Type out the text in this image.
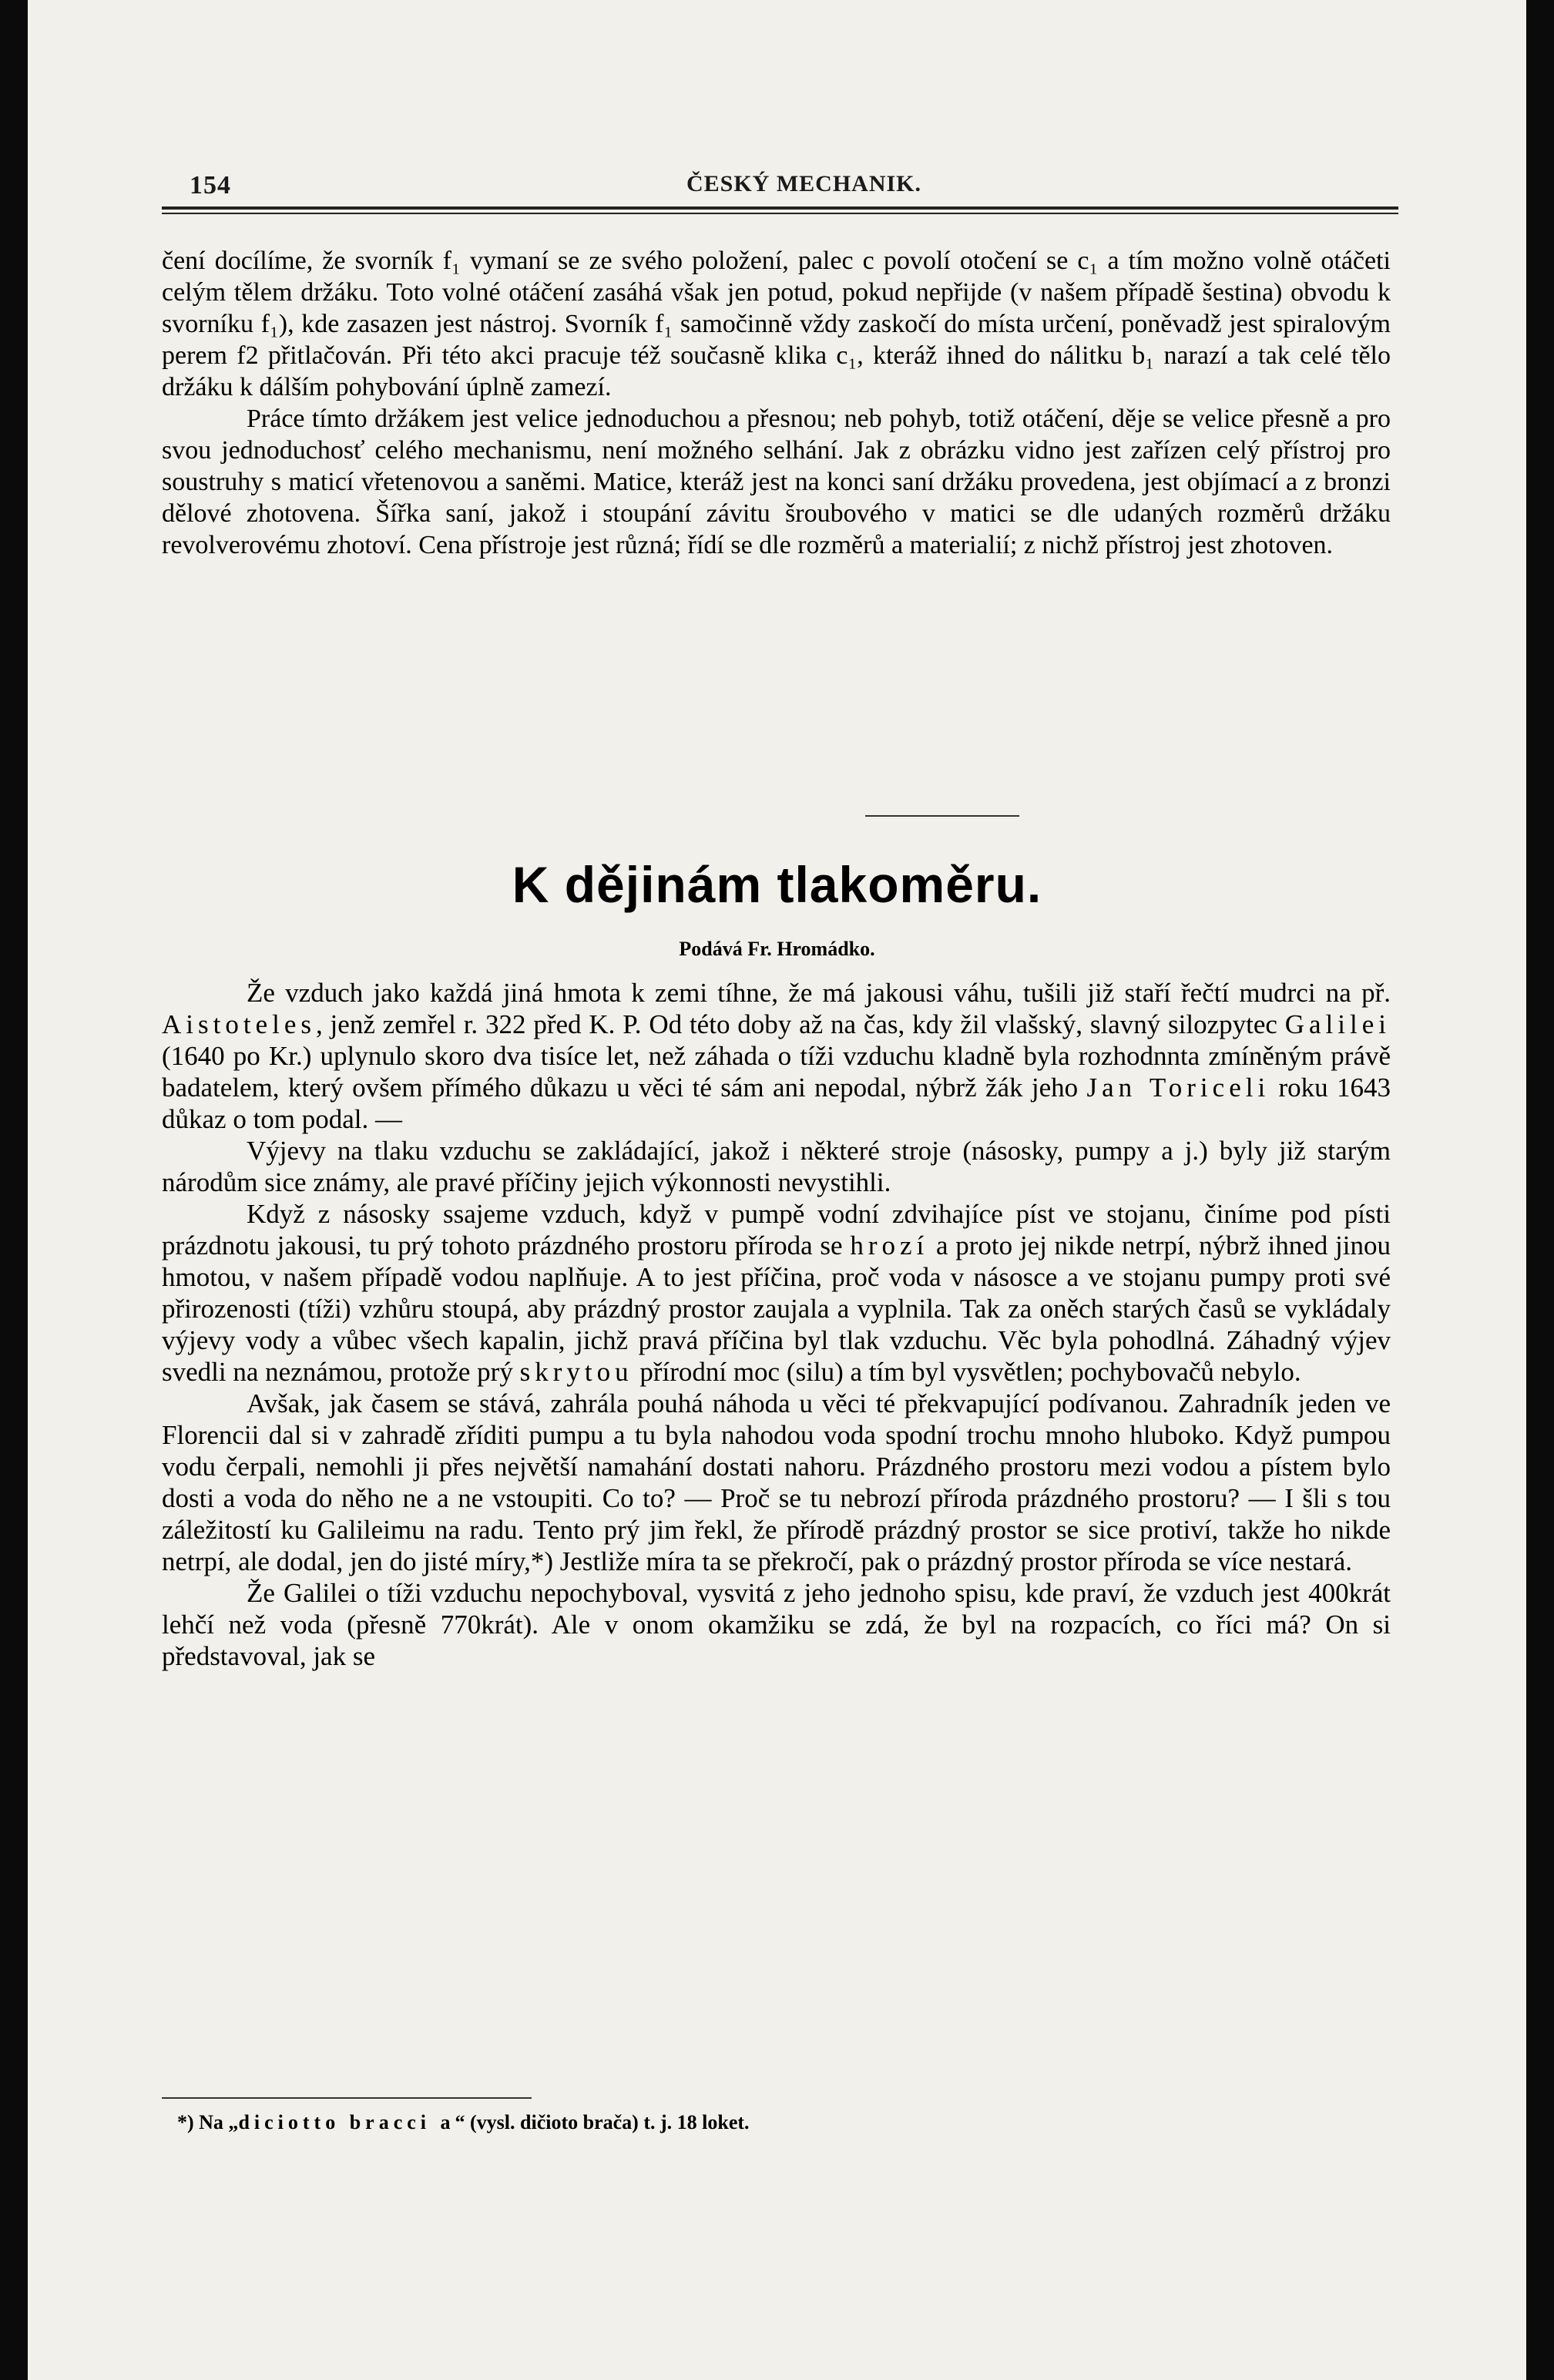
154	ČESKÝ MECHANIK.

čení docílíme, že svorník f₁ vymaní se ze svého položení, palec c povolí otočení se c₁ a tím možno volně otáčeti celým tělem držáku. Toto volné otáčení zasáhá však jen potud, pokud nepřijde (v našem případě šestina) obvodu k svorníku f₁), kde zasazen jest nástroj. Svorník f₁ samočinně vždy zaskočí do místa určení, poněvadž jest spiralovým perem f2 přitlačován. Při této akci pracuje též současně klika c₁, kteráž ihned do nálitku b₁ narazí a tak celé tělo držáku k dálším pohybování úplně zamezí.

Práce tímto držákem jest velice jednoduchou a přesnou; neb pohyb, totiž otáčení, děje se velice přesně a pro svou jednoduchosť celého mechanismu, není možného selhání. Jak z obrázku vidno jest zařízen celý přístroj pro soustruhy s maticí vřetenovou a saněmi. Matice, kteráž jest na konci saní držáku provedena, jest objímací a z bronzi dělové zhotovena. Šířka saní, jakož i stoupání závitu šroubového v matici se dle udaných rozměrů držáku revolverovému zhotoví. Cena přístroje jest různá; řídí se dle rozměrů a materialií; z nichž přístroj jest zhotoven.

K dějinám tlakoměru.
Podává Fr. Hromádko.

Že vzduch jako každá jiná hmota k zemi tíhne, že má jakousi váhu, tušili již staří řečtí mudrci na př. Aistoteles, jenž zemřel r. 322 před K. P. Od této doby až na čas, kdy žil vlašský, slavný silozpytec Galilei (1640 po Kr.) uplynulo skoro dva tisíce let, než záhada o tíži vzduchu kladně byla rozhodnnta zmíněným právě badatelem, který ovšem přímého důkazu u věci té sám ani nepodal, nýbrž žák jeho Jan Toriceli roku 1643 důkaz o tom podal. —

Výjevy na tlaku vzduchu se zakládající, jakož i některé stroje (násosky, pumpy a j.) byly již starým národům sice známy, ale pravé příčiny jejich výkonnosti nevystihli.

Když z násosky ssajeme vzduch, když v pumpě vodní zdvihajíce píst ve stojanu, činíme pod písti prázdnotu jakousi, tu prý tohoto prázdného prostoru příroda se hrozí a proto jej nikde netrpí, nýbrž ihned jinou hmotou, v našem případě vodou naplňuje. A to jest příčina, proč voda v násosce a ve stojanu pumpy proti své přirozenosti (tíži) vzhůru stoupá, aby prázdný prostor zaujala a vyplnila. Tak za oněch starých časů se vykládaly výjevy vody a vůbec všech kapalin, jichž pravá příčina byl tlak vzduchu. Věc byla pohodlná. Záhadný výjev svedli na neznámou, protože prý skrytou přírodní moc (silu) a tím byl vysvětlen; pochybovačů nebylo.

Avšak, jak časem se stává, zahrála pouhá náhoda u věci té překvapující podívanou. Zahradník jeden ve Florencii dal si v zahradě zříditi pumpu a tu byla nahodou voda spodní trochu mnoho hluboko. Když pumpou vodu čerpali, nemohli ji přes největší namahání dostati nahoru. Prázdného prostoru mezi vodou a pístem bylo dosti a voda do něho ne a ne vstoupiti. Co to? — Proč se tu nebrozí příroda prázdného prostoru? — I šli s tou záležitostí ku Galileimu na radu. Tento prý jim řekl, že přírodě prázdný prostor se sice protiví, takže ho nikde netrpí, ale dodal, jen do jisté míry,*) Jestliže míra ta se překročí, pak o prázdný prostor příroda se více nestará.

Že Galilei o tíži vzduchu nepochyboval, vysvitá z jeho jednoho spisu, kde praví, že vzduch jest 400krát lehčí než voda (přesně 770krát). Ale v onom okamžiku se zdá, že byl na rozpacích, co říci má? On si představoval, jak se

*) Na „diciotto bracci a“ (vysl. dičioto brača) t. j. 18 loket.
